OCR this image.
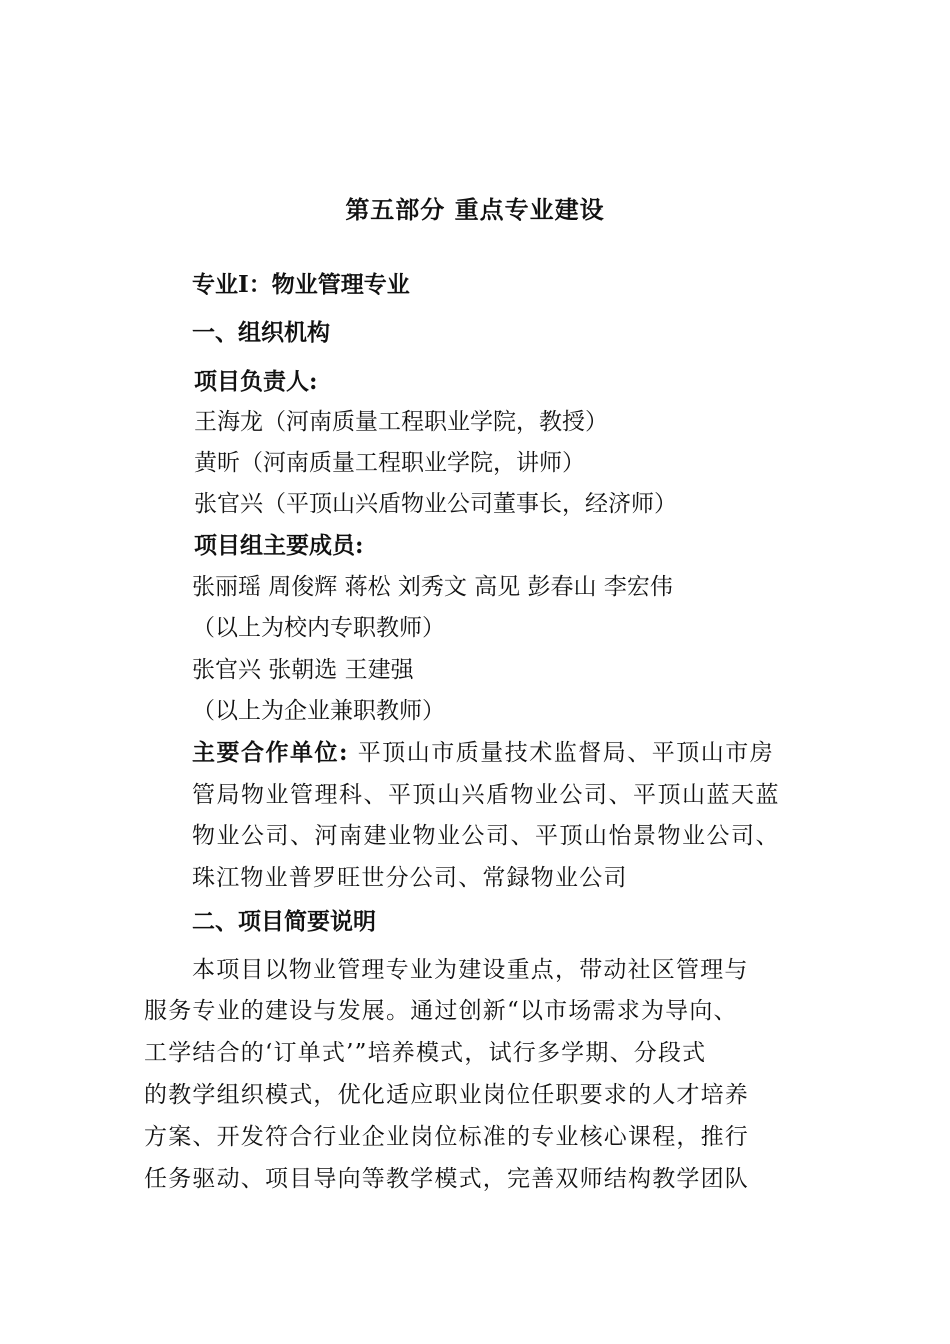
第五部分 重点专业建设
专业Ⅰ：物业管理专业
一、组织机构
项目负责人:
王海龙（河南质量工程职业学院，教授）
黄昕（河南质量工程职业学院，讲师）
张官兴（平顶山兴盾物业公司董事长，经济师）
项目组主要成员:
张丽瑶 周俊辉 蒋松 刘秀文 高见 彭春山 李宏伟
（以上为校内专职教师）
张官兴 张朝选 王建强
（以上为企业兼职教师）
主要合作单位: 平顶山市质量技术监督局、平顶山市房
管局物业管理科、平顶山兴盾物业公司、平顶山蓝天蓝
物业公司、河南建业物业公司、平顶山怡景物业公司、
珠江物业普罗旺世分公司、常録物业公司
二、项目简要说明
本项目以物业管理专业为建设重点，带动社区管理与
服务专业的建设与发展。通过创新“以市场需求为导向、
工学结合的‘订单式’”培养模式，试行多学期、分段式
的教学组织模式，优化适应职业岗位任职要求的人才培养
方案、开发符合行业企业岗位标准的专业核心课程，推行
任务驱动、项目导向等教学模式，完善双师结构教学团队
